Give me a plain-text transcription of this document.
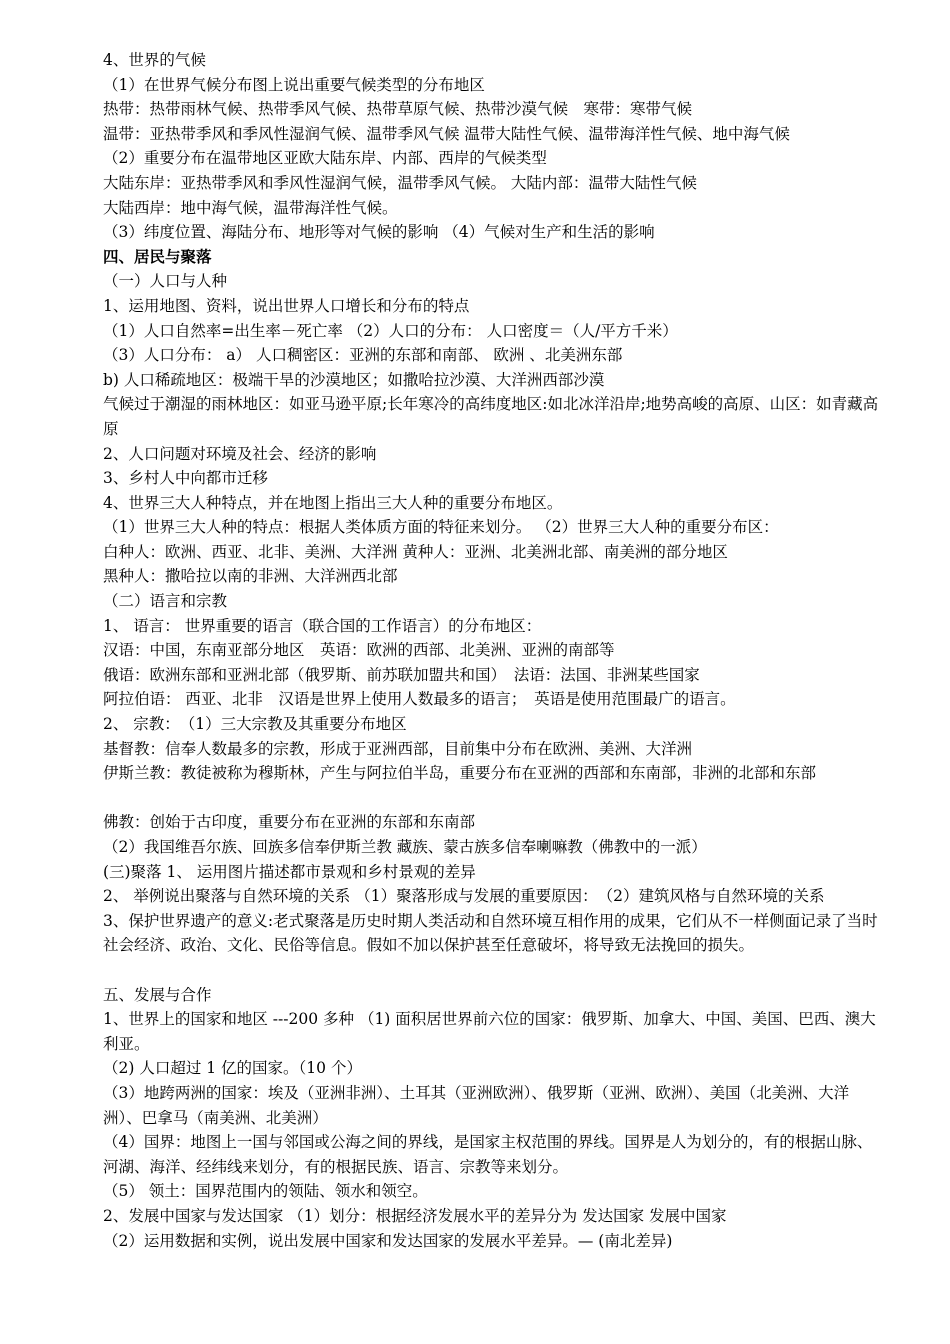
4、世界的气候
（1）在世界气候分布图上说出重要气候类型的分布地区
热带：热带雨林气候、热带季风气候、热带草原气候、热带沙漠气候　寒带：寒带气候
温带：亚热带季风和季风性湿润气候、温带季风气候 温带大陆性气候、温带海洋性气候、地中海气候
（2）重要分布在温带地区亚欧大陆东岸、内部、西岸的气候类型
大陆东岸：亚热带季风和季风性湿润气候，温带季风气候。 大陆内部：温带大陆性气候
大陆西岸：地中海气候，温带海洋性气候。
（3）纬度位置、海陆分布、地形等对气候的影响 （4）气候对生产和生活的影响
四、居民与聚落
（一）人口与人种
1、运用地图、资料，说出世界人口增长和分布的特点
（1）人口自然率=出生率－死亡率 （2）人口的分布： 人口密度＝（人/平方千米）
（3）人口分布： a） 人口稠密区：亚洲的东部和南部、 欧洲 、北美洲东部
b) 人口稀疏地区：极端干旱的沙漠地区；如撒哈拉沙漠、大洋洲西部沙漠
气候过于潮湿的雨林地区：如亚马逊平原;长年寒冷的高纬度地区:如北冰洋沿岸;地势高峻的高原、山区：如青藏高原
2、人口问题对环境及社会、经济的影响
3、乡村人中向都市迁移
4、世界三大人种特点，并在地图上指出三大人种的重要分布地区。
（1）世界三大人种的特点：根据人类体质方面的特征来划分。 （2）世界三大人种的重要分布区：
白种人：欧洲、西亚、北非、美洲、大洋洲 黄种人：亚洲、北美洲北部、南美洲的部分地区
黑种人：撒哈拉以南的非洲、大洋洲西北部
（二）语言和宗教
1、 语言： 世界重要的语言（联合国的工作语言）的分布地区：
汉语：中国，东南亚部分地区　英语：欧洲的西部、北美洲、亚洲的南部等
俄语：欧洲东部和亚洲北部（俄罗斯、前苏联加盟共和国）　法语：法国、非洲某些国家
阿拉伯语： 西亚、北非　汉语是世界上使用人数最多的语言；　英语是使用范围最广的语言。
2、 宗教：　（1）三大宗教及其重要分布地区
基督教：信奉人数最多的宗教，形成于亚洲西部，目前集中分布在欧洲、美洲、大洋洲
伊斯兰教：教徒被称为穆斯林，产生与阿拉伯半岛，重要分布在亚洲的西部和东南部，非洲的北部和东部
佛教：创始于古印度，重要分布在亚洲的东部和东南部
（2）我国维吾尔族、回族多信奉伊斯兰教 藏族、蒙古族多信奉喇嘛教（佛教中的一派）
(三)聚落 1、 运用图片描述都市景观和乡村景观的差异
2、 举例说出聚落与自然环境的关系 （1）聚落形成与发展的重要原因：　（2）建筑风格与自然环境的关系
3、保护世界遗产的意义:老式聚落是历史时期人类活动和自然环境互相作用的成果，它们从不一样侧面记录了当时社会经济、政治、文化、民俗等信息。假如不加以保护甚至任意破坏，将导致无法挽回的损失。
五、发展与合作
1、世界上的国家和地区 ---200 多种 （1) 面积居世界前六位的国家：俄罗斯、加拿大、中国、美国、巴西、澳大利亚。
（2) 人口超过 1 亿的国家。（10 个）
（3）地跨两洲的国家：埃及（亚洲非洲）、土耳其（亚洲欧洲）、俄罗斯（亚洲、欧洲）、美国（北美洲、大洋洲）、巴拿马（南美洲、北美洲）
（4）国界：地图上一国与邻国或公海之间的界线，是国家主权范围的界线。国界是人为划分的，有的根据山脉、河湖、海洋、经纬线来划分，有的根据民族、语言、宗教等来划分。
（5） 领土：国界范围内的领陆、领水和领空。
2、发展中国家与发达国家 （1）划分：根据经济发展水平的差异分为 发达国家 发展中国家
（2）运用数据和实例，说出发展中国家和发达国家的发展水平差异。— (南北差异)
